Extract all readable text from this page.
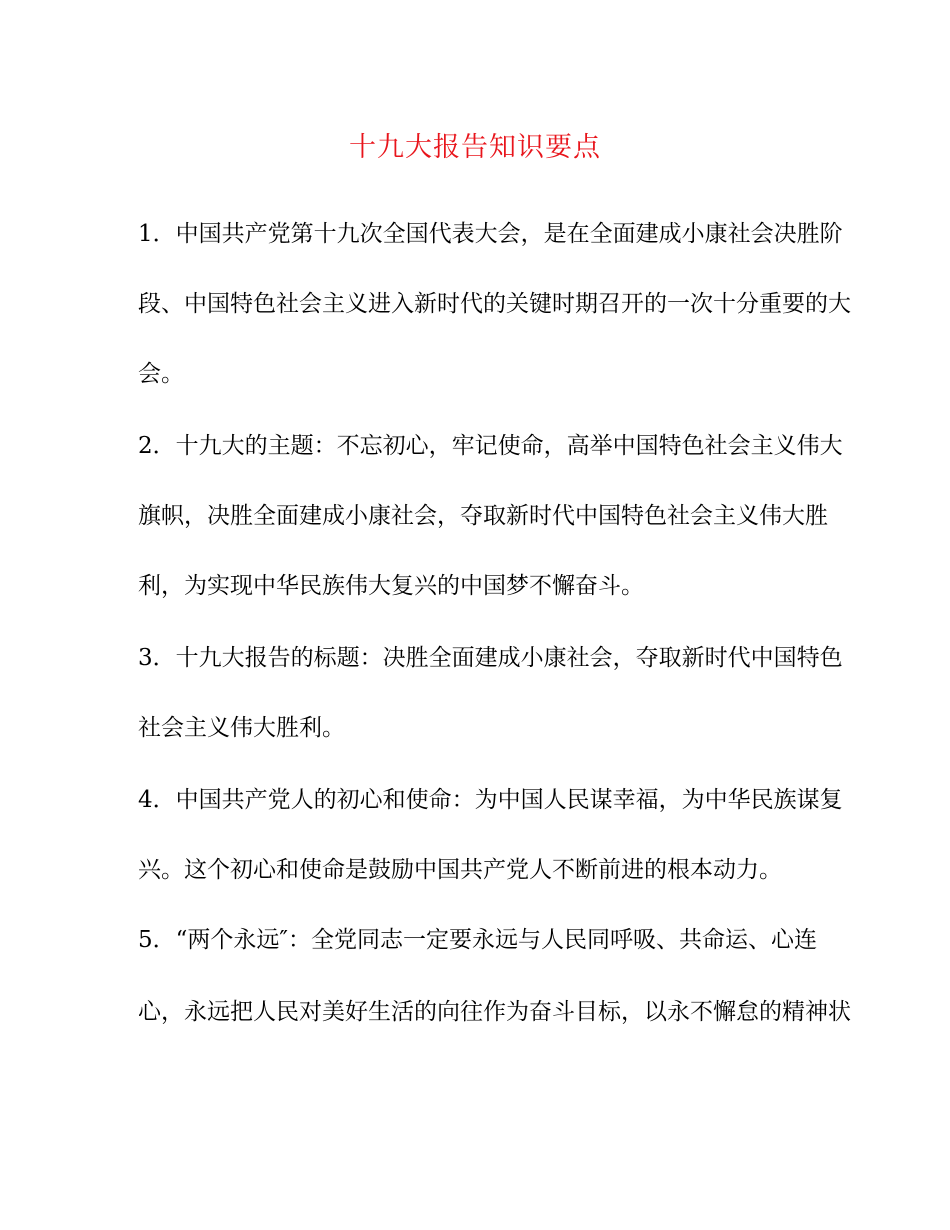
十九大报告知识要点
1．中国共产党第十九次全国代表大会，是在全面建成小康社会决胜阶
段、中国特色社会主义进入新时代的关键时期召开的一次十分重要的大
会。
2．十九大的主题：不忘初心，牢记使命，高举中国特色社会主义伟大
旗帜，决胜全面建成小康社会，夺取新时代中国特色社会主义伟大胜
利，为实现中华民族伟大复兴的中国梦不懈奋斗。
3．十九大报告的标题：决胜全面建成小康社会，夺取新时代中国特色
社会主义伟大胜利。
4．中国共产党人的初心和使命：为中国人民谋幸福，为中华民族谋复
兴。这个初心和使命是鼓励中国共产党人不断前进的根本动力。
5．“两个永远″：全党同志一定要永远与人民同呼吸、共命运、心连
心，永远把人民对美好生活的向往作为奋斗目标，以永不懈怠的精神状
